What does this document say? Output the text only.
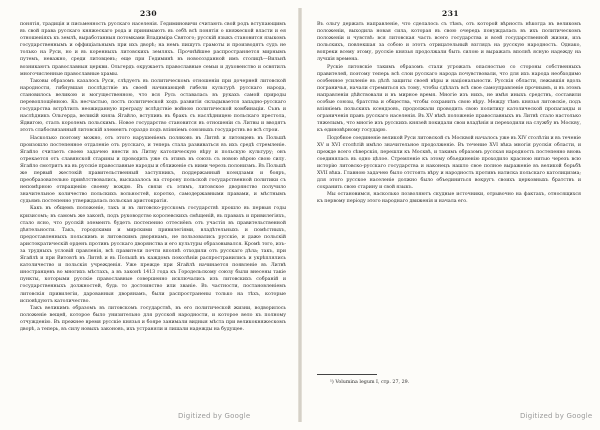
230

понятія, традиція и письменность русскаго населенія. Гедиминовичи считають свой родъ вступающимъ въ свой права русскаго княжескаго рода и принимаютъ въ себѣ всѣ понятія о княжеской власти и ея отношеніяхъ къ землѣ, выработанныя потомками Владиміра Святого; русскій языкъ становится языкомъ государственнымъ и оффиціальнымъ при ихъ дворѣ; на немъ пишутъ грамоты и производятъ судъ не только на Руси, но и въ коренныхъ литовскихъ земляхъ. Прочнѣйшее распространяется мирнымъ путемъ, неважно, среди литовцевъ; еще при Гедиминѣ въ новосозданной имъ столицѣ—Вильнѣ возникаютъ православныя церкви. Ольгердъ окружаетъ православные семьи и духовенство и освятилъ многочисленные православные храмы.

Таковы образомъ казалось Руси, слѣдуетъ въ политическомъ отношеніи при дочерней литовской народности, гибнувшая послѣдствіе въ своей начинающей гибели культурѣ русскаго народа, становилось великою и могущественною, что вся Русь оставалась въ рукахъ самой природы перевоплощённою. Къ несчастью, постъ политической ходъ развитія складывается западно-русскаго государства встрѣтилъ неожиданную преграду вслѣдствіе войною политической комбинаціи. Съвъ и наслѣдникъ Ольгерда, великій князь Ягайло, вступивъ въ бракъ съ наслѣдницею польскаго престола, Ядвигою, сталъ королемъ польскимъ. Новое государство становится въ отношеніи съ Литвы и вводятъ этотъ слабосвязанный литовскій элементъ гораздо подъ вліяніемъ союзныхъ государствъ во всѣ строи.

Насколько поэтому можно, отъ этого нарушеніемъ поляковъ въ Литвѣ и литовцевъ въ Польшѣ произошло постепенное отдаленіе отъ русскаго, и теперь стала развиваться въ ихъ средѣ стремленіе. Ягайло считаетъ своею задачею внести въ Литву католическую вѣру и польскую культуру; онъ отрекается отъ славянской старины и проводить уже съ этимъ въ союзъ съ новою вѣрою свою силу. Ягайло смотритъ на въ русскіе православные народы и сближеніе съ ними черезъ полонизмъ. Въ Польшѣ же первый жестокій правительственный заступникъ, поддержанный ксендзами и бояръ, преобразовательно привѣтствовались, высказалось на сторону польской государственной политики съ непомѣрною отвращенію своему вождю. Въ связи съ этимъ, литовское дворянство получило значительное количество польскихъ вольностей, коротко, самодержавными правами, и мѣстнымъ судьямъ постепенно утверждалась польская аристократія.

Какъ въ общемъ положеніе, такъ и въ литовско-русскомъ государствѣ прошло въ первыя годы кризисомъ; въ самомъ же законѣ, подъ руководство королевскихъ смѣщеній, въ правахъ и привилегіяхъ, стало ясно, что русскій элементъ будетъ постепенно оттеснёнъ отъ участія въ правительственной дѣятельности. Такъ, городскими и мирскими привилегіями, владѣтельныхъ и помѣстныхъ, предоставленныхъ польскимъ и литовскимъ дворянамъ, не пользовались русскіе, и даже польскій аристократическій орденъ противъ русскаго дворянства и его культуры образовывался. Кромѣ того, изъ-за трудныхъ условій правленія, всѣ правители почти вполнѣ отходили отъ русскаго дѣла; такъ, при Ягайлѣ и при Витовтѣ въ Литвѣ и въ Польшѣ въ каждомъ поколѣніи распространились и укрѣплялись католичество и польскія учрежденія. Уже прежде при Ягайлѣ начинается появленіе въ Литвѣ иностранцевъ во многихъ мѣстахъ, а въ законѣ 1413 года къ Городельскому союзу были внесены такіе пункты, которыми русскіе православные совершенно исключались изъ литовскихъ собраній и государственныхъ должностей, будь то достоинство или званіе. Въ частности, постановленіемъ литовскія привилегіи, дарованныя дворянамъ, были распространены только на тѣхъ, которые исповѣдуютъ католичество.

Такъ великимъ образомъ въ литовскомъ государствѣ, въ его политической жизни, водворилось положеніе вещей, которое было унизительно для русской народности, и которое вело къ полному отчужденію. Въ прежнее время русскіе князья и бояре занимали видныя мѣста при великокняжескомъ дворѣ, а теперь, въ силу новыхъ законовъ, ихъ устраняли и лишали надежды на будущее.

Digitized by Google
231

Въ ольгу держать направленіе, что сделалось съ тѣмъ, отъ которой вѣрность нѣкогда въ великомъ положеніи, выходила новая сила, которая въ свою очередь понуждалась въ ихъ политическомъ положеніи и чувствѣ: вся литовская часть всего государства и всей государственной жизни, изъ польскихъ, повлекшая за собою и этотъ отрицательный взглядъ на русскую народность. Однако, вопреки всему этому, русскіе князья продолжали быть силою и выражать вполнѣ ясную надежду на лучшія времена.

Рускіе литовскіе такимъ образомъ стали угрожать опасностью со стороны собственныхъ правителей, поэтому теперь всѣ слои русскаго народа почувствовали, что для ихъ народа необходимо особенное усиленіе въ дѣлѣ защиты своей вѣры и національности. Русскія области, лежавшія вдоль пограничья, начали стремиться къ тому, чтобы сдѣлать всѣ свое самоуправленіе прочнымъ, и въ этомъ направленіи дѣйствовали и въ мирное время. Многіе изъ нихъ, не имѣя иныхъ средствъ, составили особые союзы, братства и общества, чтобы сохранить свою вѣру. Между тѣмъ князья литовскіе, подъ вліяніемъ польскихъ ксендзовъ, продолжали проводить свою политику католической пропаганды и ограниченія правъ русскаго населенія. Въ XV вѣкѣ положеніе православныхъ въ Литвѣ стало настолько тяжелымъ, что многіе изъ русскихъ князей покидали свои владѣнія и переходили на службу въ Москву, къ единовѣрному государю.

Подобное соединеніе великой Руси литовской съ Москвой началось уже въ XIV столѣтіи и въ теченіе XV и XVI столѣтій имѣло значительное продолженіе. Въ течение XVI вѣка многія русскія области, и прежде всего сѣверскія, перешли къ Москвѣ, и такимъ образомъ русская народность постепенно вновь соединялась въ одно цѣлое. Стремленіе къ этому объединенію проходило красною нитью черезъ всю исторію литовско-русскаго государства и наконецъ нашло свое полное выраженіе въ великой борьбѣ XVII вѣка. Главною задачею было отстоять вѣру и народность противъ натиска польскаго католицизма; для этого русское населеніе должно было объединиться вокругъ своихъ церковныхъ братствъ и сохранить свою старину и свой языкъ.

Мы остановимся, насколько позволяютъ скудные источники, отрывочно на фактахъ, относящихся къ первому періоду этого народнаго движенія и начала его.

¹) Volumina legum I, стр. 27, 29.
Digitized by Google
